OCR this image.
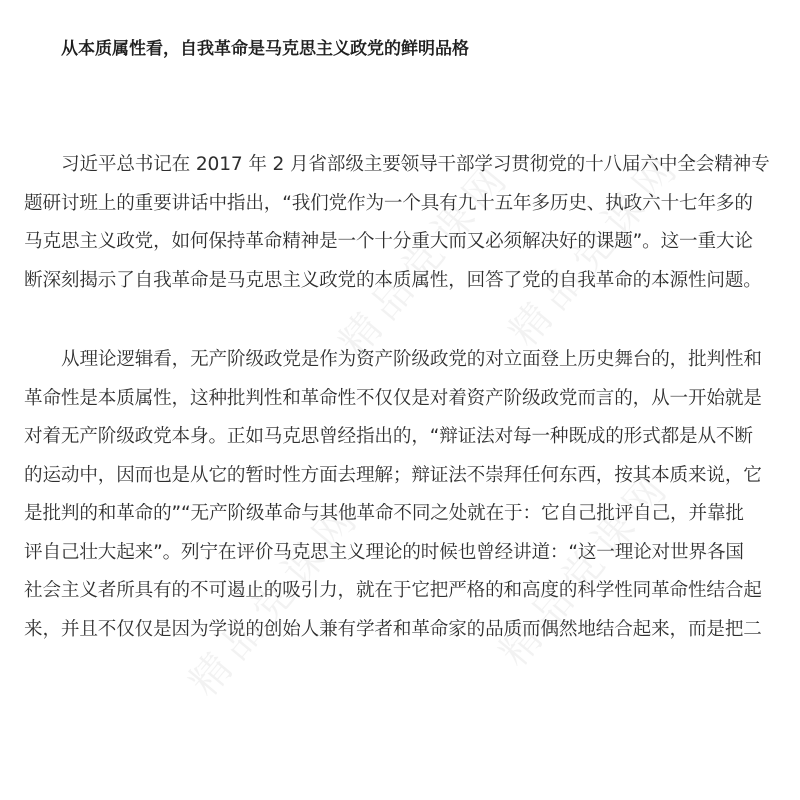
精品党课网
精品党课网
精品党课网	精品党课网
从本质属性看，自我革命是马克思主义政党的鲜明品格
习近平总书记在 2017 年 2 月省部级主要领导干部学习贯彻党的十八届六中全会精神专
题研讨班上的重要讲话中指出，“我们党作为一个具有九十五年多历史、执政六十七年多的
马克思主义政党，如何保持革命精神是一个十分重大而又必须解决好的课题”。这一重大论
断深刻揭示了自我革命是马克思主义政党的本质属性，回答了党的自我革命的本源性问题。
从理论逻辑看，无产阶级政党是作为资产阶级政党的对立面登上历史舞台的，批判性和
革命性是本质属性，这种批判性和革命性不仅仅是对着资产阶级政党而言的，从一开始就是
对着无产阶级政党本身。正如马克思曾经指出的，“辩证法对每一种既成的形式都是从不断
的运动中，因而也是从它的暂时性方面去理解；辩证法不崇拜任何东西，按其本质来说，它
是批判的和革命的”“无产阶级革命与其他革命不同之处就在于：它自己批评自己，并靠批
评自己壮大起来”。列宁在评价马克思主义理论的时候也曾经讲道：“这一理论对世界各国
社会主义者所具有的不可遏止的吸引力，就在于它把严格的和高度的科学性同革命性结合起
来，并且不仅仅是因为学说的创始人兼有学者和革命家的品质而偶然地结合起来，而是把二
